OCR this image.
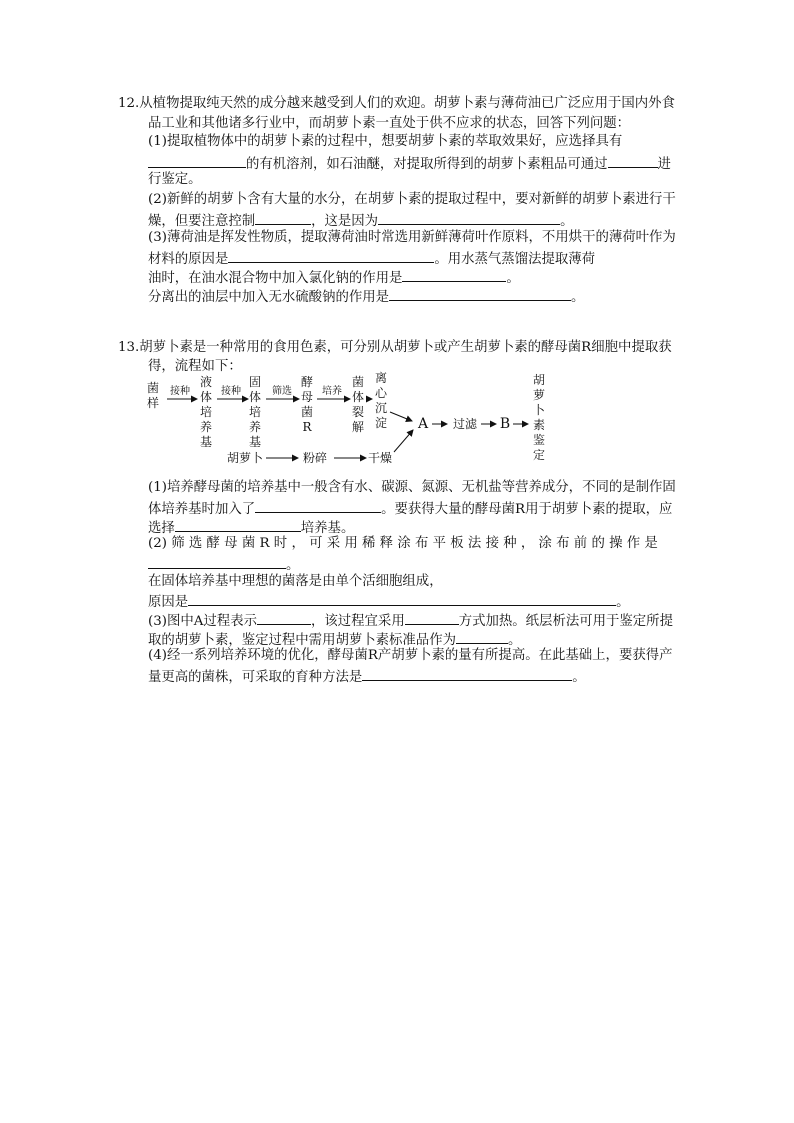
12.从植物提取纯天然的成分越来越受到人们的欢迎。胡萝卜素与薄荷油已广泛应用于国内外食
品工业和其他诸多行业中，而胡萝卜素一直处于供不应求的状态，回答下列问题：
(1)提取植物体中的胡萝卜素的过程中，想要胡萝卜素的萃取效果好，应选择具有
的有机溶剂，如石油醚，对提取所得到的胡萝卜素粗品可通过	进
行鉴定。
(2)新鲜的胡萝卜含有大量的水分，在胡萝卜素的提取过程中，要对新鲜的胡萝卜素进行干
燥，但要注意控制	，这是因为	。
(3)薄荷油是挥发性物质，提取薄荷油时常选用新鲜薄荷叶作原料，不用烘干的薄荷叶作为
材料的原因是	。用水蒸气蒸馏法提取薄荷
油时，在油水混合物中加入氯化钠的作用是	。
分离出的油层中加入无水硫酸钠的作用是	。
13.胡萝卜素是一种常用的食用色素，可分别从胡萝卜或产生胡萝卜素的酵母菌R细胞中提取获
得，流程如下：
菌
样
接种
液
体
培
养
基
接种
固
体
培
养
基
筛选
酵
母
菌
R
培养
菌
体
裂
解
离
心
沉
淀 A 过滤 B
胡
萝
卜
素
鉴
定
胡萝卜	粉碎	干燥
(1)培养酵母菌的培养基中一般含有水、碳源、氮源、无机盐等营养成分，不同的是制作固
体培养基时加入了	。要获得大量的酵母菌R用于胡萝卜素的提取，应
选择	培养基。
(2) 筛 选 酵 母 菌 R 时 ， 可 采 用 稀 释 涂 布 平 板 法 接 种 ， 涂 布 前 的 操 作 是
。
在固体培养基中理想的菌落是由单个活细胞组成，
原因是	。
(3)图中A过程表示	，该过程宜采用	方式加热。纸层析法可用于鉴定所提
取的胡萝卜素，鉴定过程中需用胡萝卜素标准品作为	。
(4)经一系列培养环境的优化，酵母菌R产胡萝卜素的量有所提高。在此基础上，要获得产
量更高的菌株，可采取的育种方法是	。
